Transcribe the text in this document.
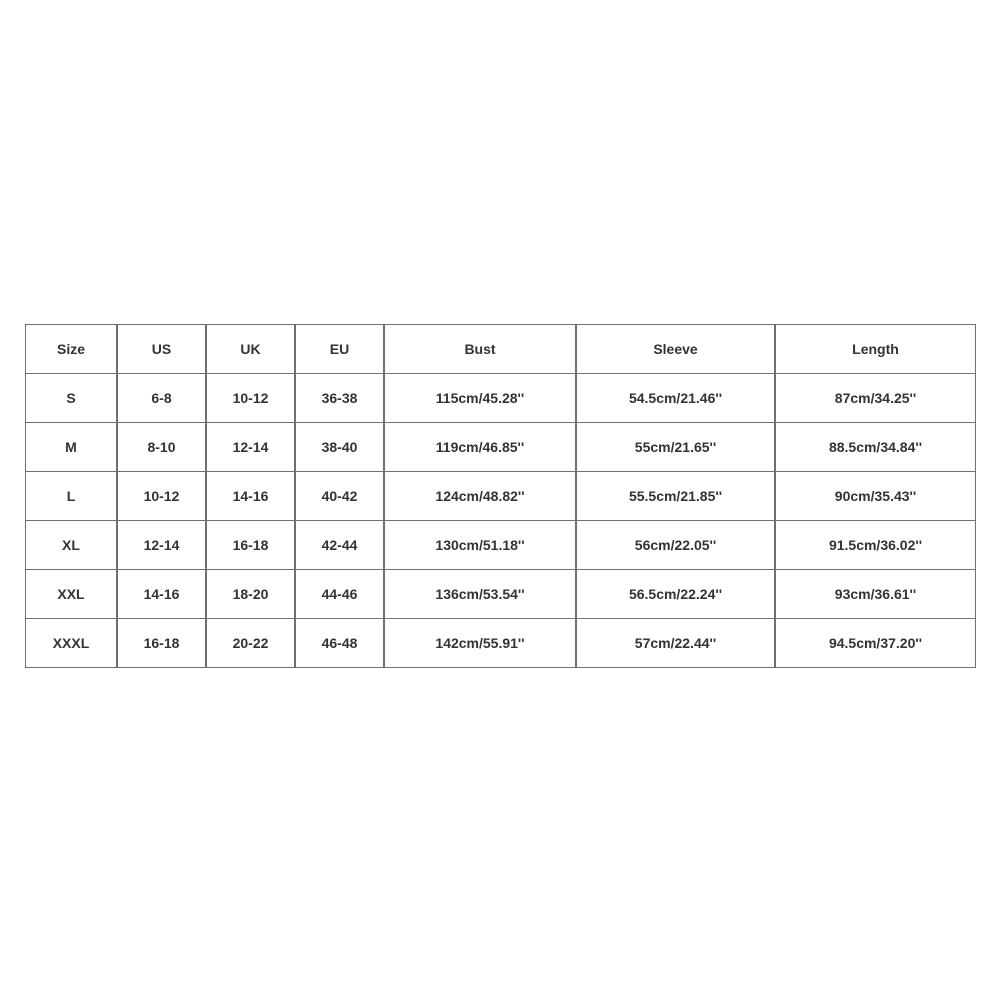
Size	US	UK	EU	Bust	Sleeve	Length
S	6-8	10-12	36-38	115cm/45.28''	54.5cm/21.46''	87cm/34.25''
M	8-10	12-14	38-40	119cm/46.85''	55cm/21.65''	88.5cm/34.84''
L	10-12	14-16	40-42	124cm/48.82''	55.5cm/21.85''	90cm/35.43''
XL	12-14	16-18	42-44	130cm/51.18''	56cm/22.05''	91.5cm/36.02''
XXL	14-16	18-20	44-46	136cm/53.54''	56.5cm/22.24''	93cm/36.61''
XXXL	16-18	20-22	46-48	142cm/55.91''	57cm/22.44''	94.5cm/37.20''
